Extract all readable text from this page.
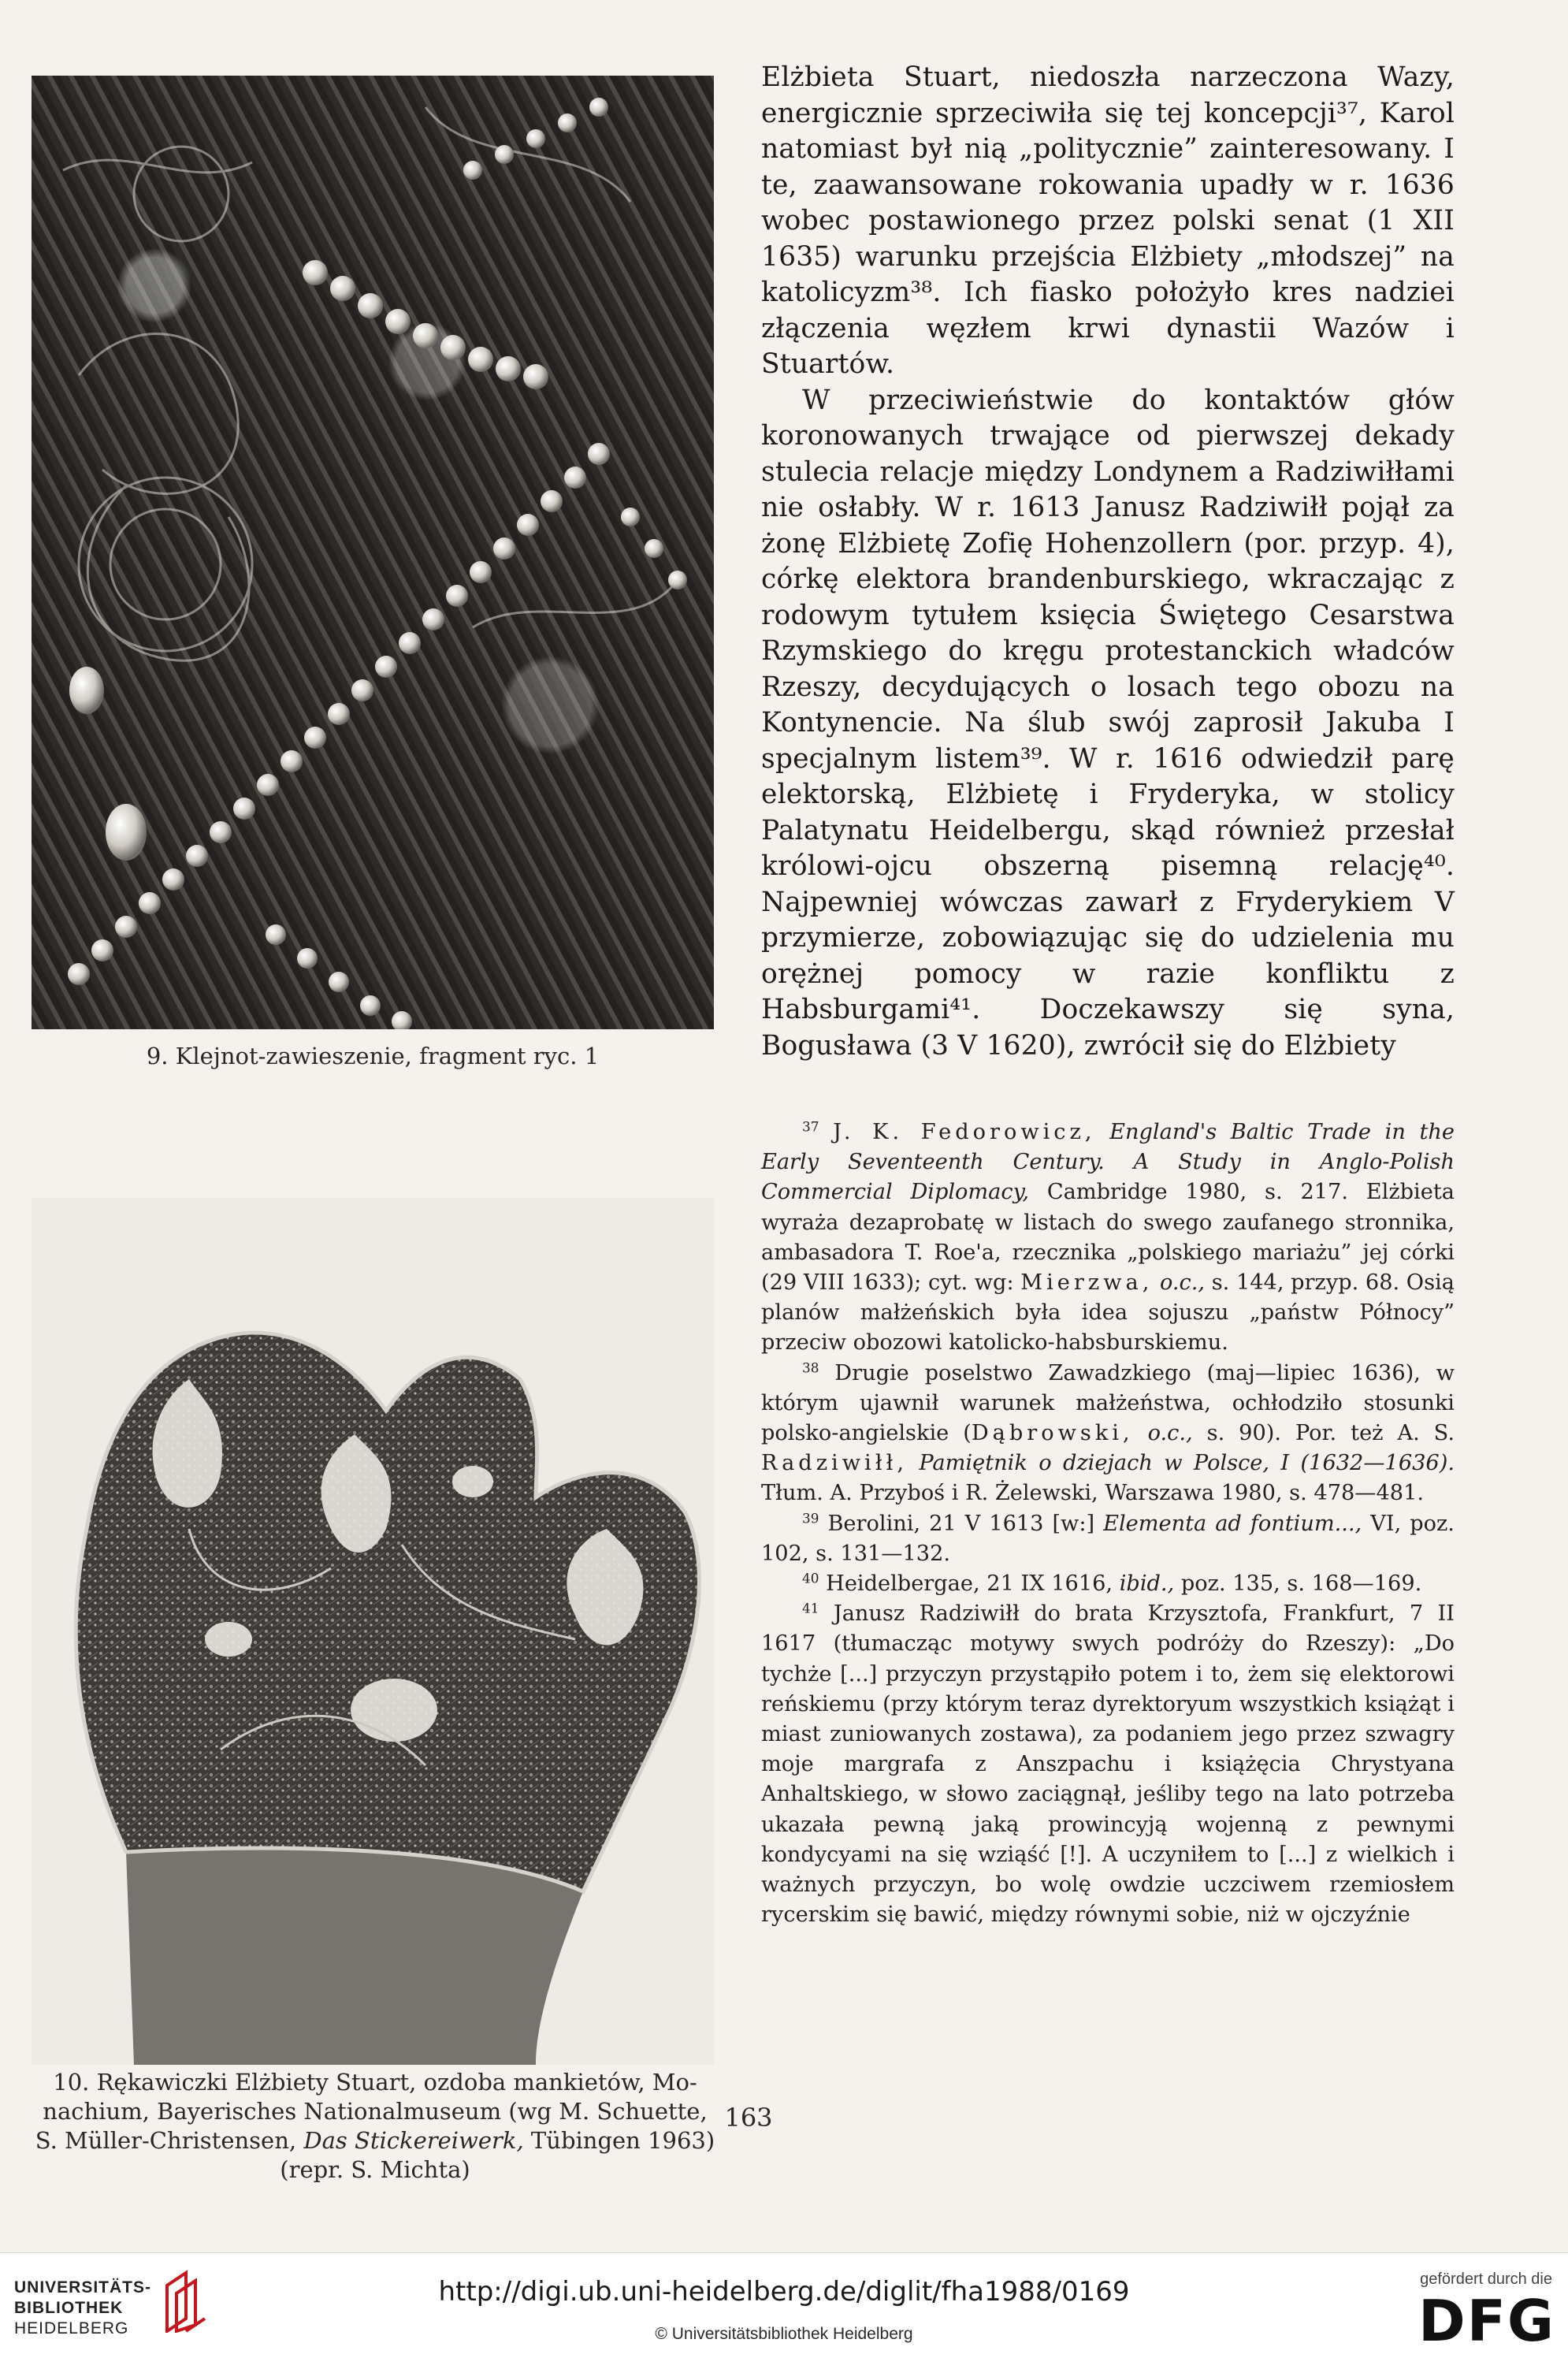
9. Klejnot-zawieszenie, fragment ryc. 1
10. Rękawiczki Elżbiety Stuart, ozdoba mankietów, Mo-
nachium, Bayerisches Nationalmuseum (wg M. Schuette,
S. Müller-Christensen, Das Stickereiwerk, Tübingen 1963)
(repr. S. Michta)

Elżbieta Stuart, niedoszła narzeczona Wazy, energicznie sprzeciwiła się tej koncepcji³⁷, Karol natomiast był nią „politycznie” zainteresowany. I te, zaawansowane rokowania upadły w r. 1636 wobec postawionego przez polski senat (1 XII 1635) warunku przejścia Elżbiety „młodszej” na katolicyzm³⁸. Ich fiasko położyło kres nadziei złączenia węzłem krwi dynastii Wazów i Stuartów.

W przeciwieństwie do kontaktów głów koronowanych trwające od pierwszej dekady stulecia relacje między Londynem a Radziwiłłami nie osłabły. W r. 1613 Janusz Radziwiłł pojął za żonę Elżbietę Zofię Hohenzollern (por. przyp. 4), córkę elektora brandenburskiego, wkraczając z rodowym tytułem księcia Świętego Cesarstwa Rzymskiego do kręgu protestanckich władców Rzeszy, decydujących o losach tego obozu na Kontynencie. Na ślub swój zaprosił Jakuba I specjalnym listem³⁹. W r. 1616 odwiedził parę elektorską, Elżbietę i Fryderyka, w stolicy Palatynatu Heidelbergu, skąd również przesłał królowi-ojcu obszerną pisemną relację⁴⁰. Najpewniej wówczas zawarł z Fryderykiem V przymierze, zobowiązując się do udzielenia mu orężnej pomocy w razie konfliktu z Habsburgami⁴¹. Doczekawszy się syna, Bogusława (3 V 1620), zwrócił się do Elżbiety

$^{37}$ J. K. Fedorowicz, England's Baltic Trade in the Early Seventeenth Century. A Study in Anglo-Polish Commercial Diplomacy, Cambridge 1980, s. 217. Elżbieta wyraża dezaprobatę w listach do swego zaufanego stronnika, ambasadora T. Roe'a, rzecznika „polskiego mariażu” jej córki (29 VIII 1633); cyt. wg: Mierzwa, o.c., s. 144, przyp. 68. Osią planów małżeńskich była idea sojuszu „państw Północy” przeciw obozowi katolicko-habsburskiemu.

$^{38}$ Drugie poselstwo Zawadzkiego (maj—lipiec 1636), w którym ujawnił warunek małżeństwa, ochłodziło stosunki polsko-angielskie (Dąbrowski, o.c., s. 90). Por. też A. S. Radziwiłł, Pamiętnik o dziejach w Polsce, I (1632—1636). Tłum. A. Przyboś i R. Żelewski, Warszawa 1980, s. 478—481.

$^{39}$ Berolini, 21 V 1613 [w:] Elementa ad fontium..., VI, poz. 102, s. 131—132.

$^{40}$ Heidelbergae, 21 IX 1616, ibid., poz. 135, s. 168—169.

$^{41}$ Janusz Radziwiłł do brata Krzysztofa, Frankfurt, 7 II 1617 (tłumacząc motywy swych podróży do Rzeszy): „Do tychże [...] przyczyn przystąpiło potem i to, żem się elektorowi reńskiemu (przy którym teraz dyrektoryum wszystkich książąt i miast zuniowanych zostawa), za podaniem jego przez szwagry moje margrafa z Anszpachu i książęcia Chrystyana Anhaltskiego, w słowo zaciągnął, jeśliby tego na lato potrzeba ukazała pewną jaką prowincyją wojenną z pewnymi kondycyami na się wziąść [!]. A uczyniłem to [...] z wielkich i ważnych przyczyn, bo wolę owdzie uczciwem rzemiosłem rycerskim się bawić, między równymi sobie, niż w ojczyźnie

163
UNIVERSITÄTS-
BIBLIOTHEK
HEIDELBERG
http://digi.ub.uni-heidelberg.de/diglit/fha1988/0169
© Universitätsbibliothek Heidelberg
gefördert durch die
DFG
